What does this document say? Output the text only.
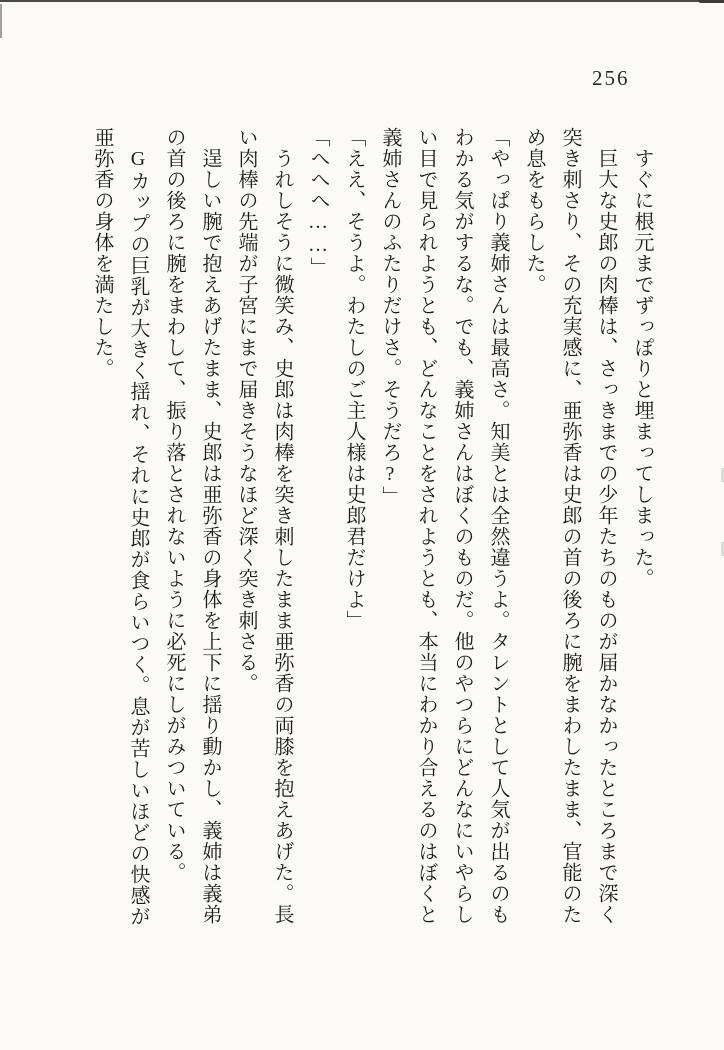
256

すぐに根元までずっぽりと埋まってしまった。

巨大な史郎の肉棒は、さっきまでの少年たちのものが届かなかったところまで深く突き刺さり、その充実感に、亜弥香は史郎の首の後ろに腕をまわしたまま、官能のため息をもらした。

「やっぱり義姉さんは最高さ。知美とは全然違うよ。タレントとして人気が出るのもわかる気がするな。でも、義姉さんはぼくのものだ。他のやつらにどんなにいやらしい目で見られようとも、どんなことをされようとも、本当にわかり合えるのはぼくと義姉さんのふたりだけさ。そうだろ?」

「ええ、そうよ。わたしのご主人様は史郎君だけよ」

「へへへ……」

うれしそうに微笑み、史郎は肉棒を突き刺したまま亜弥香の両膝を抱えあげた。長い肉棒の先端が子宮にまで届きそうなほど深く突き刺さる。

逞しい腕で抱えあげたまま、史郎は亜弥香の身体を上下に揺り動かし、義姉は義弟の首の後ろに腕をまわして、振り落とされないように必死にしがみついている。

Gカップの巨乳が大きく揺れ、それに史郎が食らいつく。息が苦しいほどの快感が亜弥香の身体を満たした。
